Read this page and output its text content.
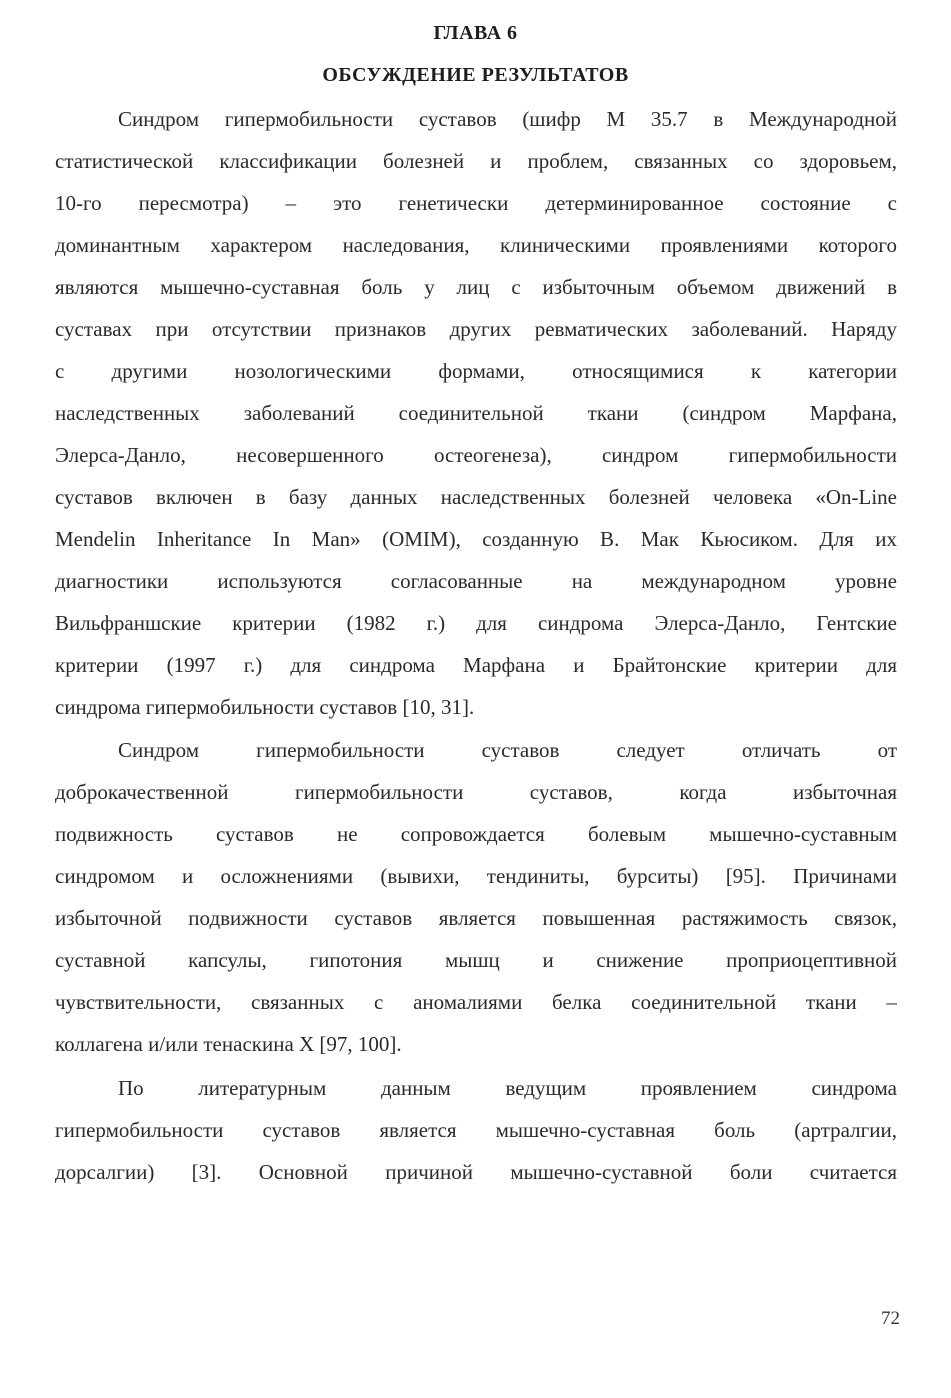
ГЛАВА 6
ОБСУЖДЕНИЕ РЕЗУЛЬТАТОВ
Синдром гипермобильности суставов (шифр М 35.7 в Международной
статистической классификации болезней и проблем, связанных со здоровьем,
10-го пересмотра) – это генетически детерминированное состояние с
доминантным характером наследования, клиническими проявлениями которого
являются мышечно-суставная боль у лиц с избыточным объемом движений в
суставах при отсутствии признаков других ревматических заболеваний. Наряду
с другими нозологическими формами, относящимися к категории
наследственных заболеваний соединительной ткани (синдром Марфана,
Элерса-Данло, несовершенного остеогенеза), синдром гипермобильности
суставов включен в базу данных наследственных болезней человека «On-Line
Mendelin Inheritance In Man» (OMIM), созданную В. Мак Кьюсиком. Для их
диагностики используются согласованные на международном уровне
Вильфраншские критерии (1982 г.) для синдрома Элерса-Данло, Гентские
критерии (1997 г.) для синдрома Марфана и Брайтонские критерии для
синдрома гипермобильности суставов [10, 31].
Синдром гипермобильности суставов следует отличать от
доброкачественной гипермобильности суставов, когда избыточная
подвижность суставов не сопровождается болевым мышечно-суставным
синдромом и осложнениями (вывихи, тендиниты, бурситы) [95]. Причинами
избыточной подвижности суставов является повышенная растяжимость связок,
суставной капсулы, гипотония мышц и снижение проприоцептивной
чувствительности, связанных с аномалиями белка соединительной ткани –
коллагена и/или тенаскина Х [97, 100].
По литературным данным ведущим проявлением синдрома
гипермобильности суставов является мышечно-суставная боль (артралгии,
дорсалгии) [3]. Основной причиной мышечно-суставной боли считается
72
